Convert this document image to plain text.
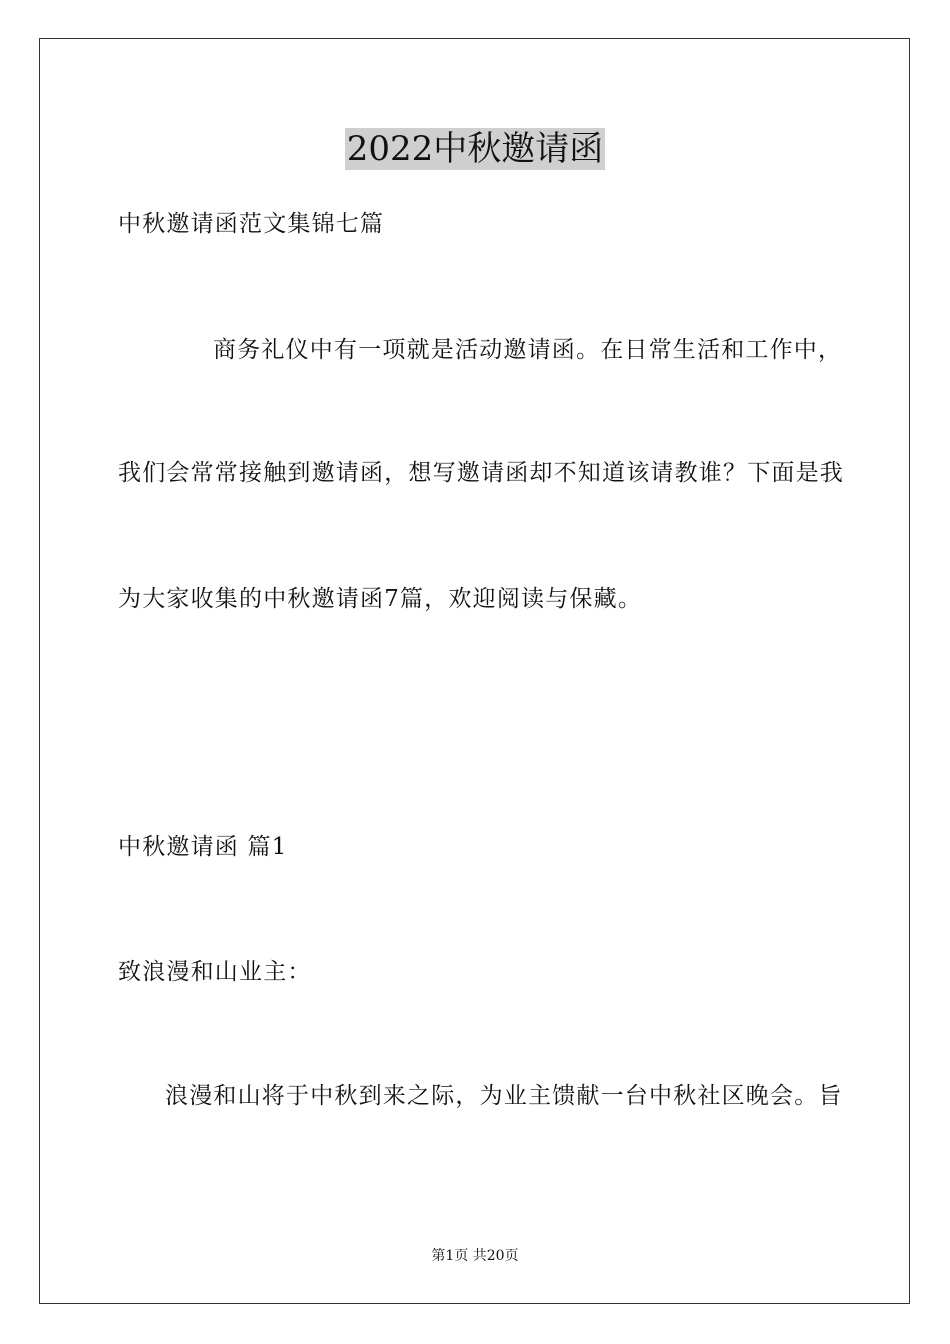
2022中秋邀请函
中秋邀请函范文集锦七篇
商务礼仪中有一项就是活动邀请函。在日常生活和工作中，
我们会常常接触到邀请函，想写邀请函却不知道该请教谁？下面是我
为大家收集的中秋邀请函7篇，欢迎阅读与保藏。
中秋邀请函 篇1
致浪漫和山业主：
浪漫和山将于中秋到来之际，为业主馈献一台中秋社区晚会。旨
第1页 共20页
